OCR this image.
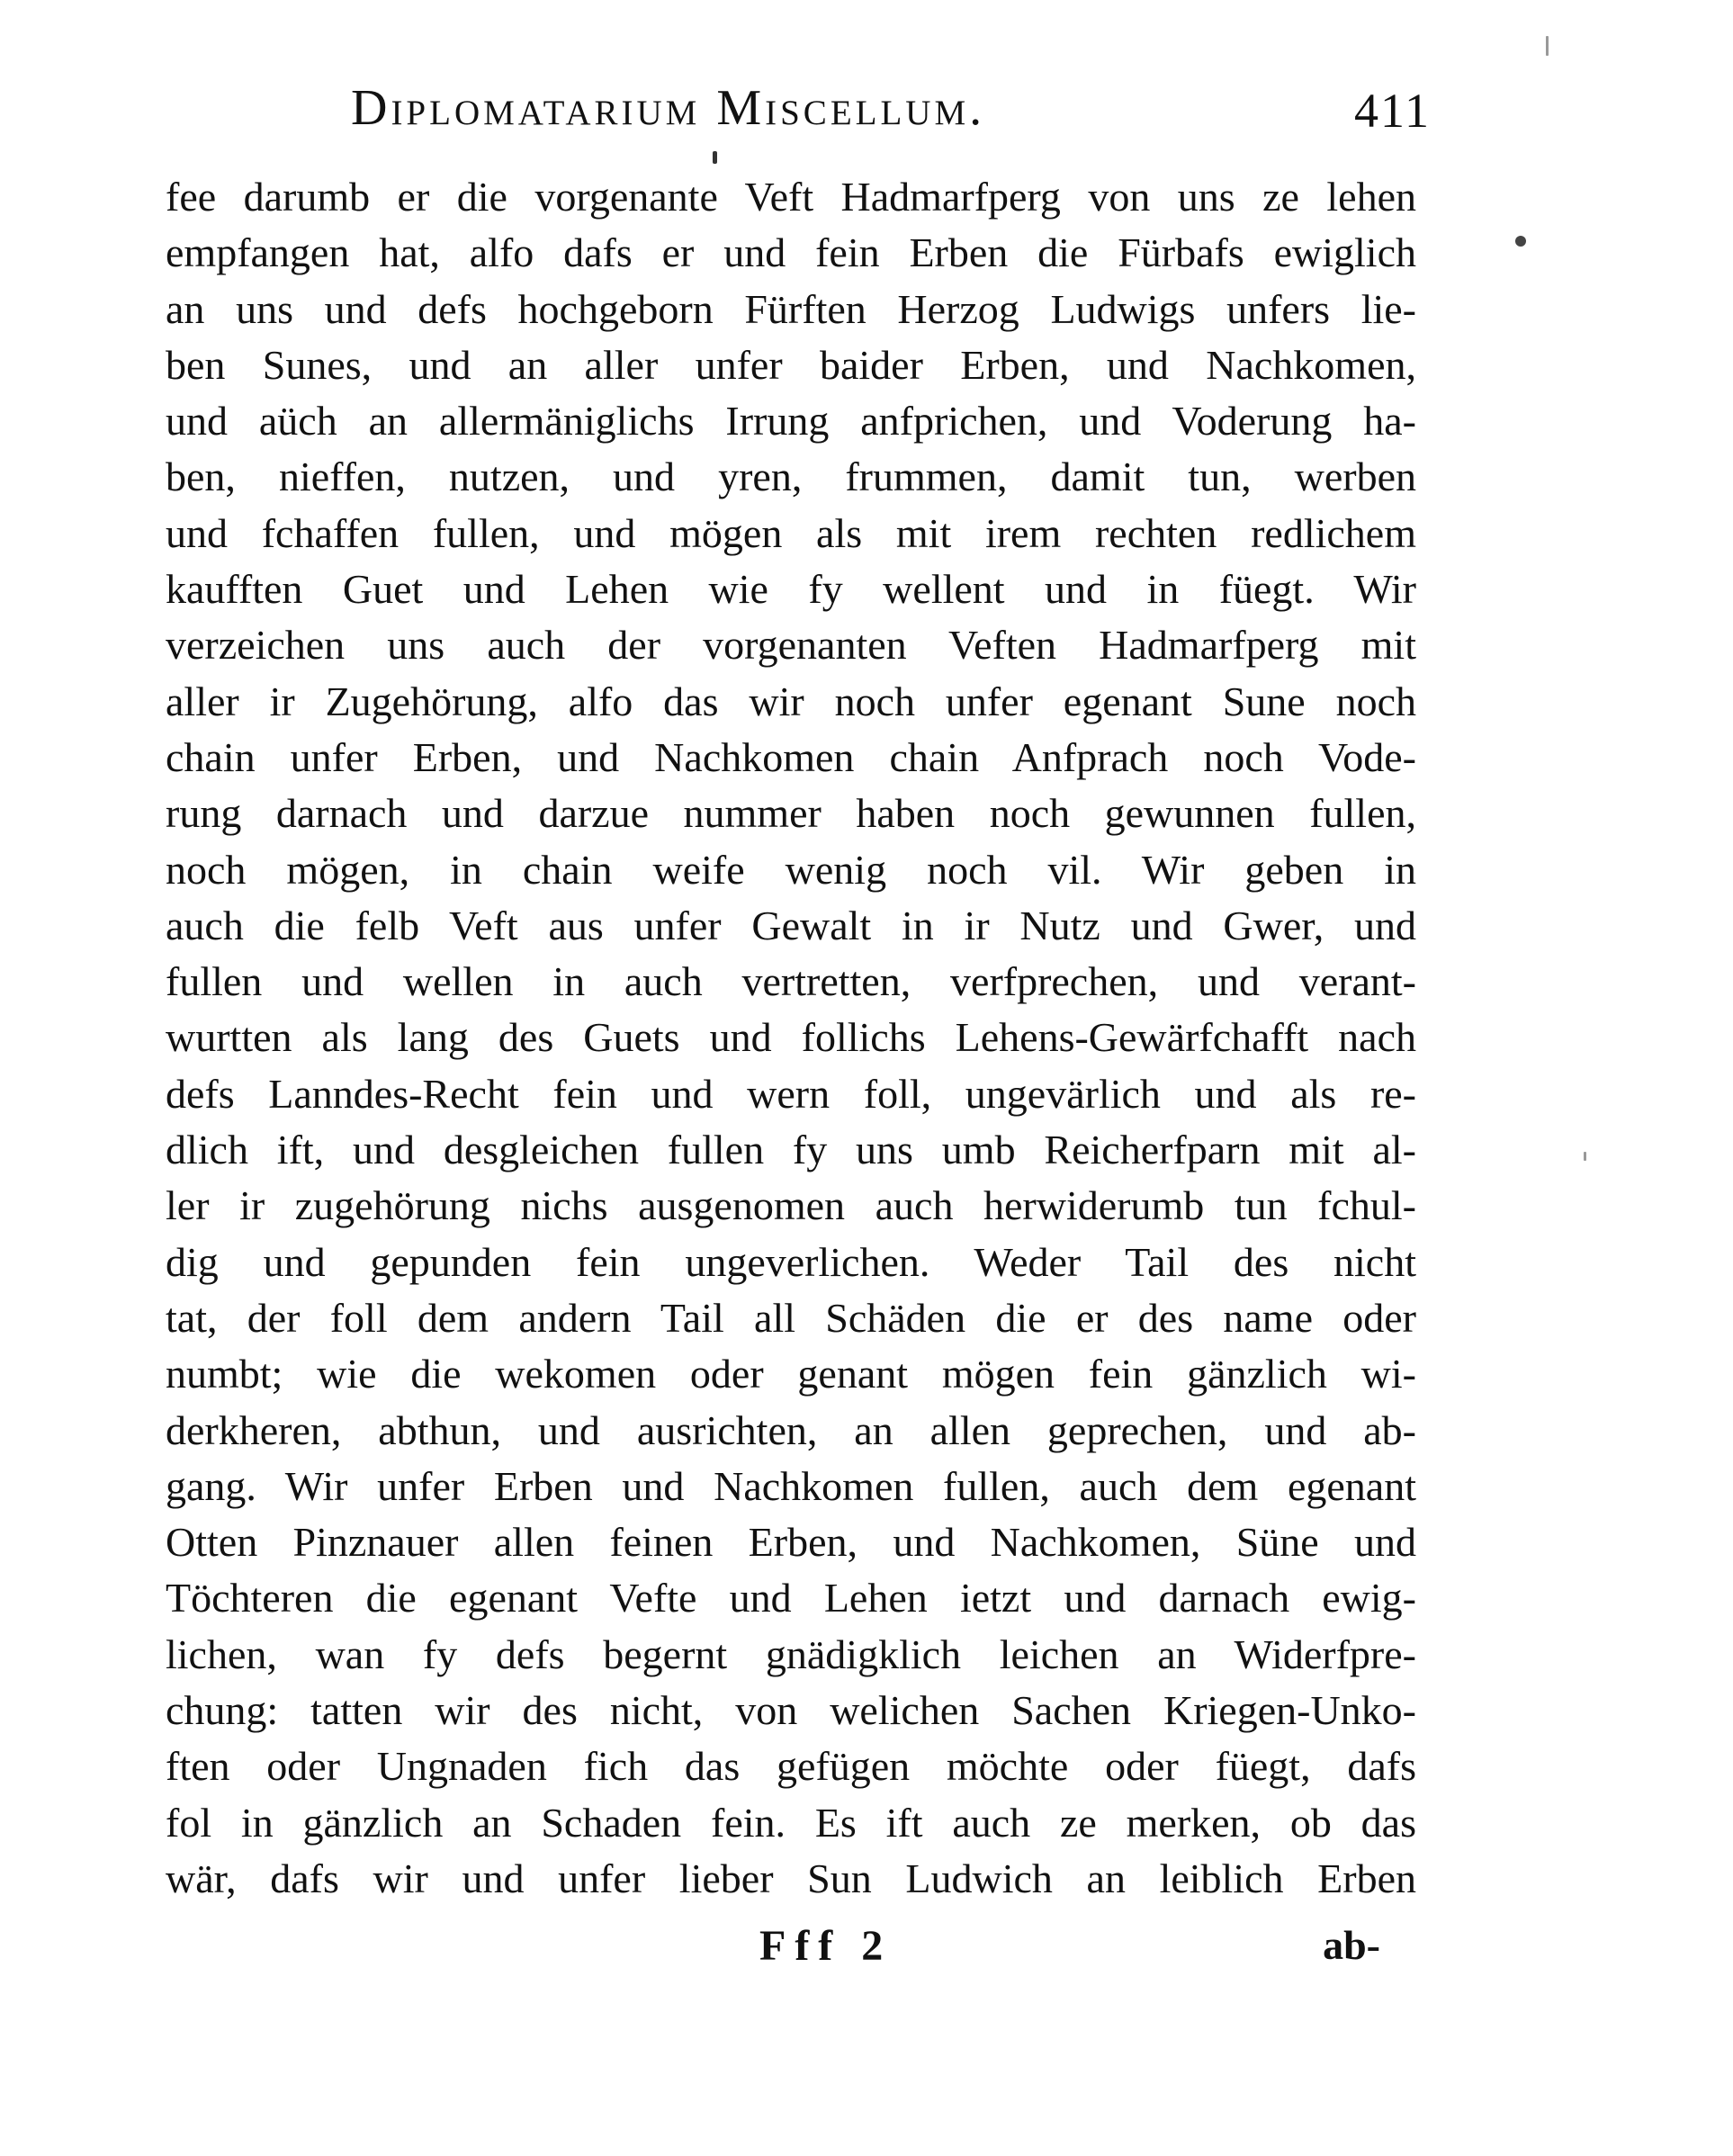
Diplomatarium Miscellum.	411
fee darumb er die vorgenante Veft Hadmarfperg von uns ze lehen
empfangen hat, alfo dafs er und fein Erben die Fürbafs ewiglich
an uns und defs hochgeborn Fürften Herzog Ludwigs unfers lie-
ben Sunes, und an aller unfer baider Erben, und Nachkomen,
und aüch an allermäniglichs Irrung anfprichen, und Voderung ha-
ben, nieffen, nutzen, und yren, frummen, damit tun, werben
und fchaffen fullen, und mögen als mit irem rechten redlichem
kaufften Guet und Lehen wie fy wellent und in füegt. Wir
verzeichen uns auch der vorgenanten Veften Hadmarfperg mit
aller ir Zugehörung, alfo das wir noch unfer egenant Sune noch
chain unfer Erben, und Nachkomen chain Anfprach noch Vode-
rung darnach und darzue nummer haben noch gewunnen fullen,
noch mögen, in chain weife wenig noch vil. Wir geben in
auch die felb Veft aus unfer Gewalt in ir Nutz und Gwer, und
fullen und wellen in auch vertretten, verfprechen, und verant-
wurtten als lang des Guets und follichs Lehens-Gewärfchafft nach
defs Lanndes-Recht fein und wern foll, ungevärlich und als re-
dlich ift, und desgleichen fullen fy uns umb Reicherfparn mit al-
ler ir zugehörung nichs ausgenomen auch herwiderumb tun fchul-
dig und gepunden fein ungeverlichen. Weder Tail des nicht
tat, der foll dem andern Tail all Schäden die er des name oder
numbt; wie die wekomen oder genant mögen fein gänzlich wi-
derkheren, abthun, und ausrichten, an allen geprechen, und ab-
gang. Wir unfer Erben und Nachkomen fullen, auch dem egenant
Otten Pinznauer allen feinen Erben, und Nachkomen, Süne und
Töchteren die egenant Vefte und Lehen ietzt und darnach ewig-
lichen, wan fy defs begernt gnädigklich leichen an Widerfpre-
chung: tatten wir des nicht, von welichen Sachen Kriegen-Unko-
ften oder Ungnaden fich das gefügen möchte oder füegt, dafs
fol in gänzlich an Schaden fein. Es ift auch ze merken, ob das
wär, dafs wir und unfer lieber Sun Ludwich an leiblich Erben
Fff 2	ab-
